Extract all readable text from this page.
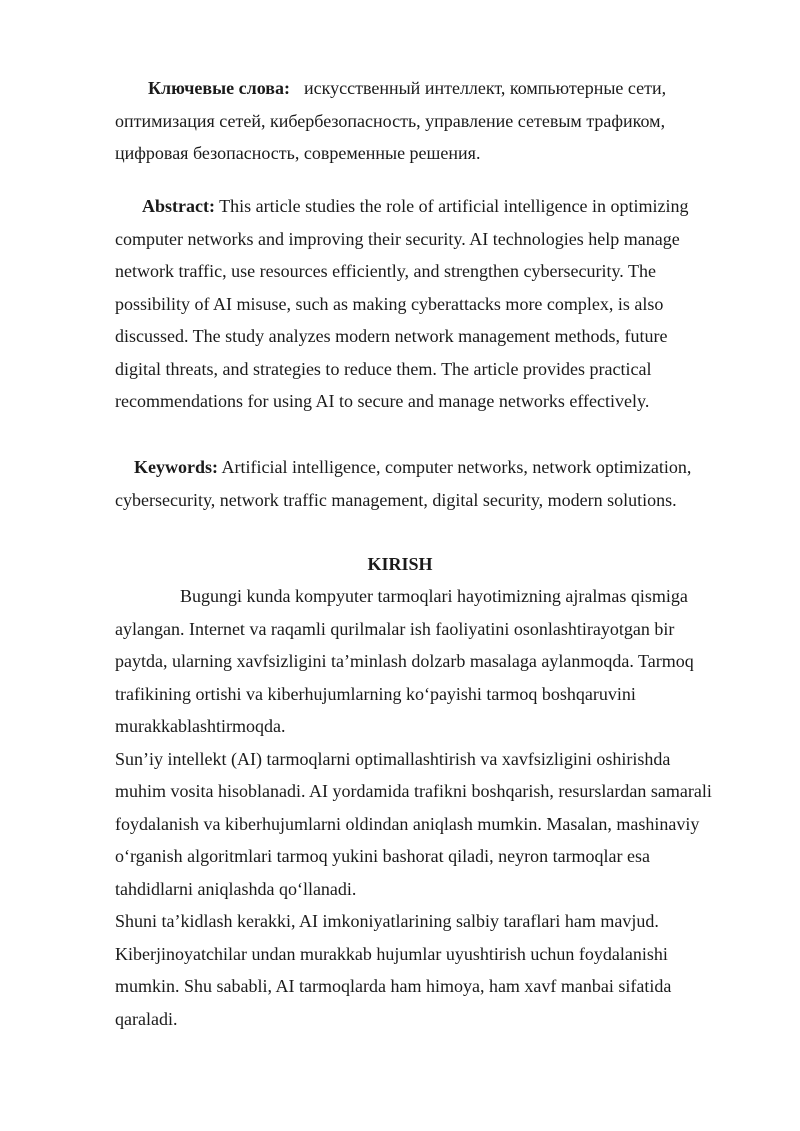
Ключевые слова: искусственный интеллект, компьютерные сети,
оптимизация сетей, кибербезопасность, управление сетевым трафиком,
цифровая безопасность, современные решения.
Abstract: This article studies the role of artificial intelligence in optimizing
computer networks and improving their security. AI technologies help manage
network traffic, use resources efficiently, and strengthen cybersecurity. The
possibility of AI misuse, such as making cyberattacks more complex, is also
discussed. The study analyzes modern network management methods, future
digital threats, and strategies to reduce them. The article provides practical
recommendations for using AI to secure and manage networks effectively.
Keywords: Artificial intelligence, computer networks, network optimization,
cybersecurity, network traffic management, digital security, modern solutions.
KIRISH
Bugungi kunda kompyuter tarmoqlari hayotimizning ajralmas qismiga
aylangan. Internet va raqamli qurilmalar ish faoliyatini osonlashtirayotgan bir
paytda, ularning xavfsizligini ta’minlash dolzarb masalaga aylanmoqda. Tarmoq
trafikining ortishi va kiberhujumlarning ko‘payishi tarmoq boshqaruvini
murakkablashtirmoqda.
Sun’iy intellekt (AI) tarmoqlarni optimallashtirish va xavfsizligini oshirishda
muhim vosita hisoblanadi. AI yordamida trafikni boshqarish, resurslardan samarali
foydalanish va kiberhujumlarni oldindan aniqlash mumkin. Masalan, mashinaviy
o‘rganish algoritmlari tarmoq yukini bashorat qiladi, neyron tarmoqlar esa
tahdidlarni aniqlashda qo‘llanadi.
Shuni ta’kidlash kerakki, AI imkoniyatlarining salbiy taraflari ham mavjud.
Kiberjinoyatchilar undan murakkab hujumlar uyushtirish uchun foydalanishi
mumkin. Shu sababli, AI tarmoqlarda ham himoya, ham xavf manbai sifatida
qaraladi.
